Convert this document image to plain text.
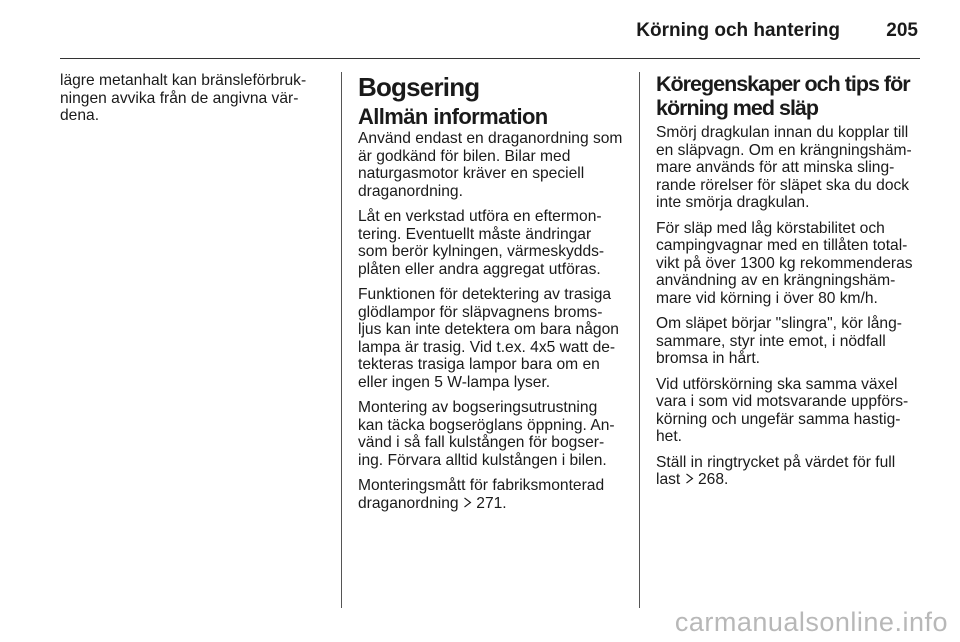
Körning och hantering 205

lägre metanhalt kan bränsleförbruk-ningen avvika från de angivna vär-dena.

Bogsering
Allmän information

Använd endast en draganordning som är godkänd för bilen. Bilar med naturgasmotor kräver en speciell draganordning.

Låt en verkstad utföra en eftermon-tering. Eventuellt måste ändringar som berör kylningen, värmeskydds-plåten eller andra aggregat utföras.

Funktionen för detektering av trasiga glödlampor för släpvagnens broms-ljus kan inte detektera om bara någon lampa är trasig. Vid t.ex. 4x5 watt de-tekteras trasiga lampor bara om en eller ingen 5 W-lampa lyser.

Montering av bogseringsutrustning kan täcka bogseröglans öppning. An-vänd i så fall kulstången för bogser-ing. Förvara alltid kulstången i bilen.

Monteringsmått för fabriksmonterad draganordning 271.

Köregenskaper och tips för körning med släp

Smörj dragkulan innan du kopplar till en släpvagn. Om en krängningshäm-mare används för att minska sling-rande rörelser för släpet ska du dock inte smörja dragkulan.

För släp med låg körstabilitet och campingvagnar med en tillåten total-vikt på över 1300 kg rekommenderas användning av en krängningshäm-mare vid körning i över 80 km/h.

Om släpet börjar "slingra", kör lång-sammare, styr inte emot, i nödfall bromsa in hårt.

Vid utförskörning ska samma växel vara i som vid motsvarande uppförs-körning och ungefär samma hastig-het.

Ställ in ringtrycket på värdet för full last 268.

carmanualsonline.info
